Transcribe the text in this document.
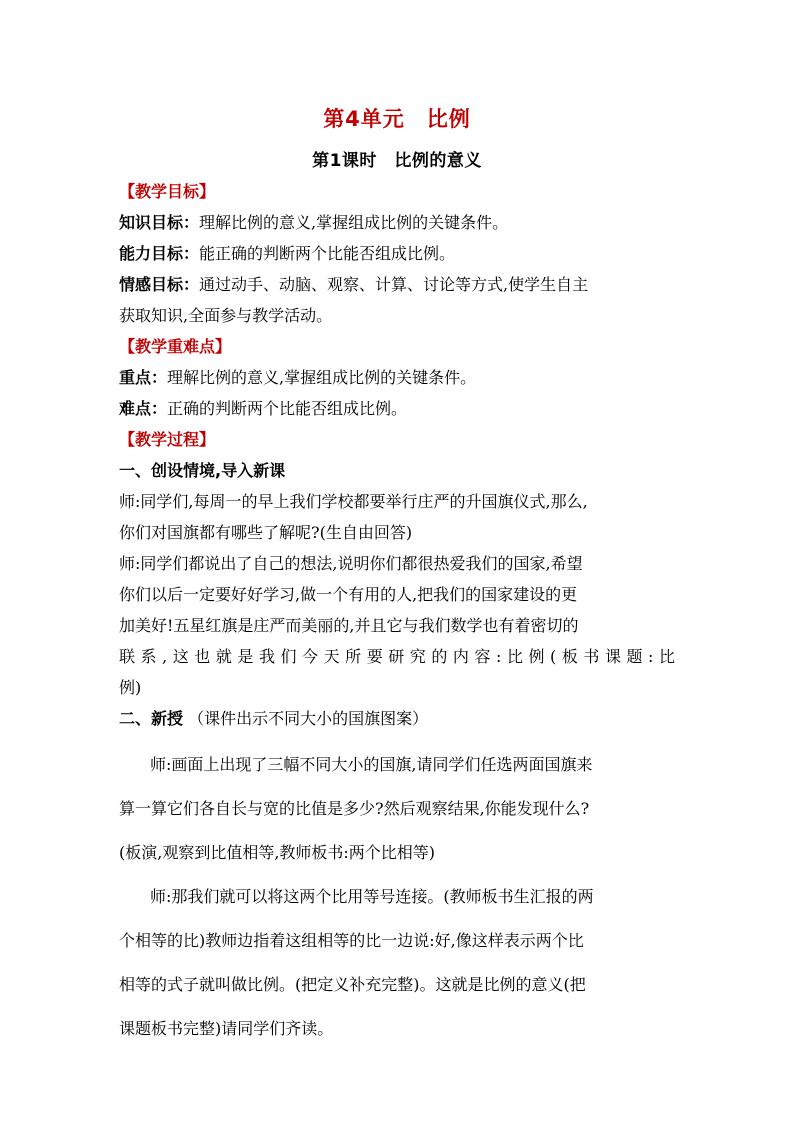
第4单元　比例
第1课时　比例的意义
【教学目标】
知识目标：理解比例的意义,掌握组成比例的关键条件。
能力目标：能正确的判断两个比能否组成比例。
情感目标：通过动手、动脑、观察、计算、讨论等方式,使学生自主
获取知识,全面参与教学活动。
【教学重难点】
重点：理解比例的意义,掌握组成比例的关键条件。
难点：正确的判断两个比能否组成比例。
【教学过程】
一、创设情境,导入新课
师:同学们,每周一的早上我们学校都要举行庄严的升国旗仪式,那么,
你们对国旗都有哪些了解呢?(生自由回答)
师:同学们都说出了自己的想法,说明你们都很热爱我们的国家,希望
你们以后一定要好好学习,做一个有用的人,把我们的国家建设的更
加美好!五星红旗是庄严而美丽的,并且它与我们数学也有着密切的
联系,这也就是我们今天所要研究的内容:比例(板书课题:比
例)
二、新授 （课件出示不同大小的国旗图案）
师:画面上出现了三幅不同大小的国旗,请同学们任选两面国旗来
算一算它们各自长与宽的比值是多少?然后观察结果,你能发现什么?
(板演,观察到比值相等,教师板书:两个比相等)
师:那我们就可以将这两个比用等号连接。(教师板书生汇报的两
个相等的比)教师边指着这组相等的比一边说:好,像这样表示两个比
相等的式子就叫做比例。(把定义补充完整)。这就是比例的意义(把
课题板书完整)请同学们齐读。
